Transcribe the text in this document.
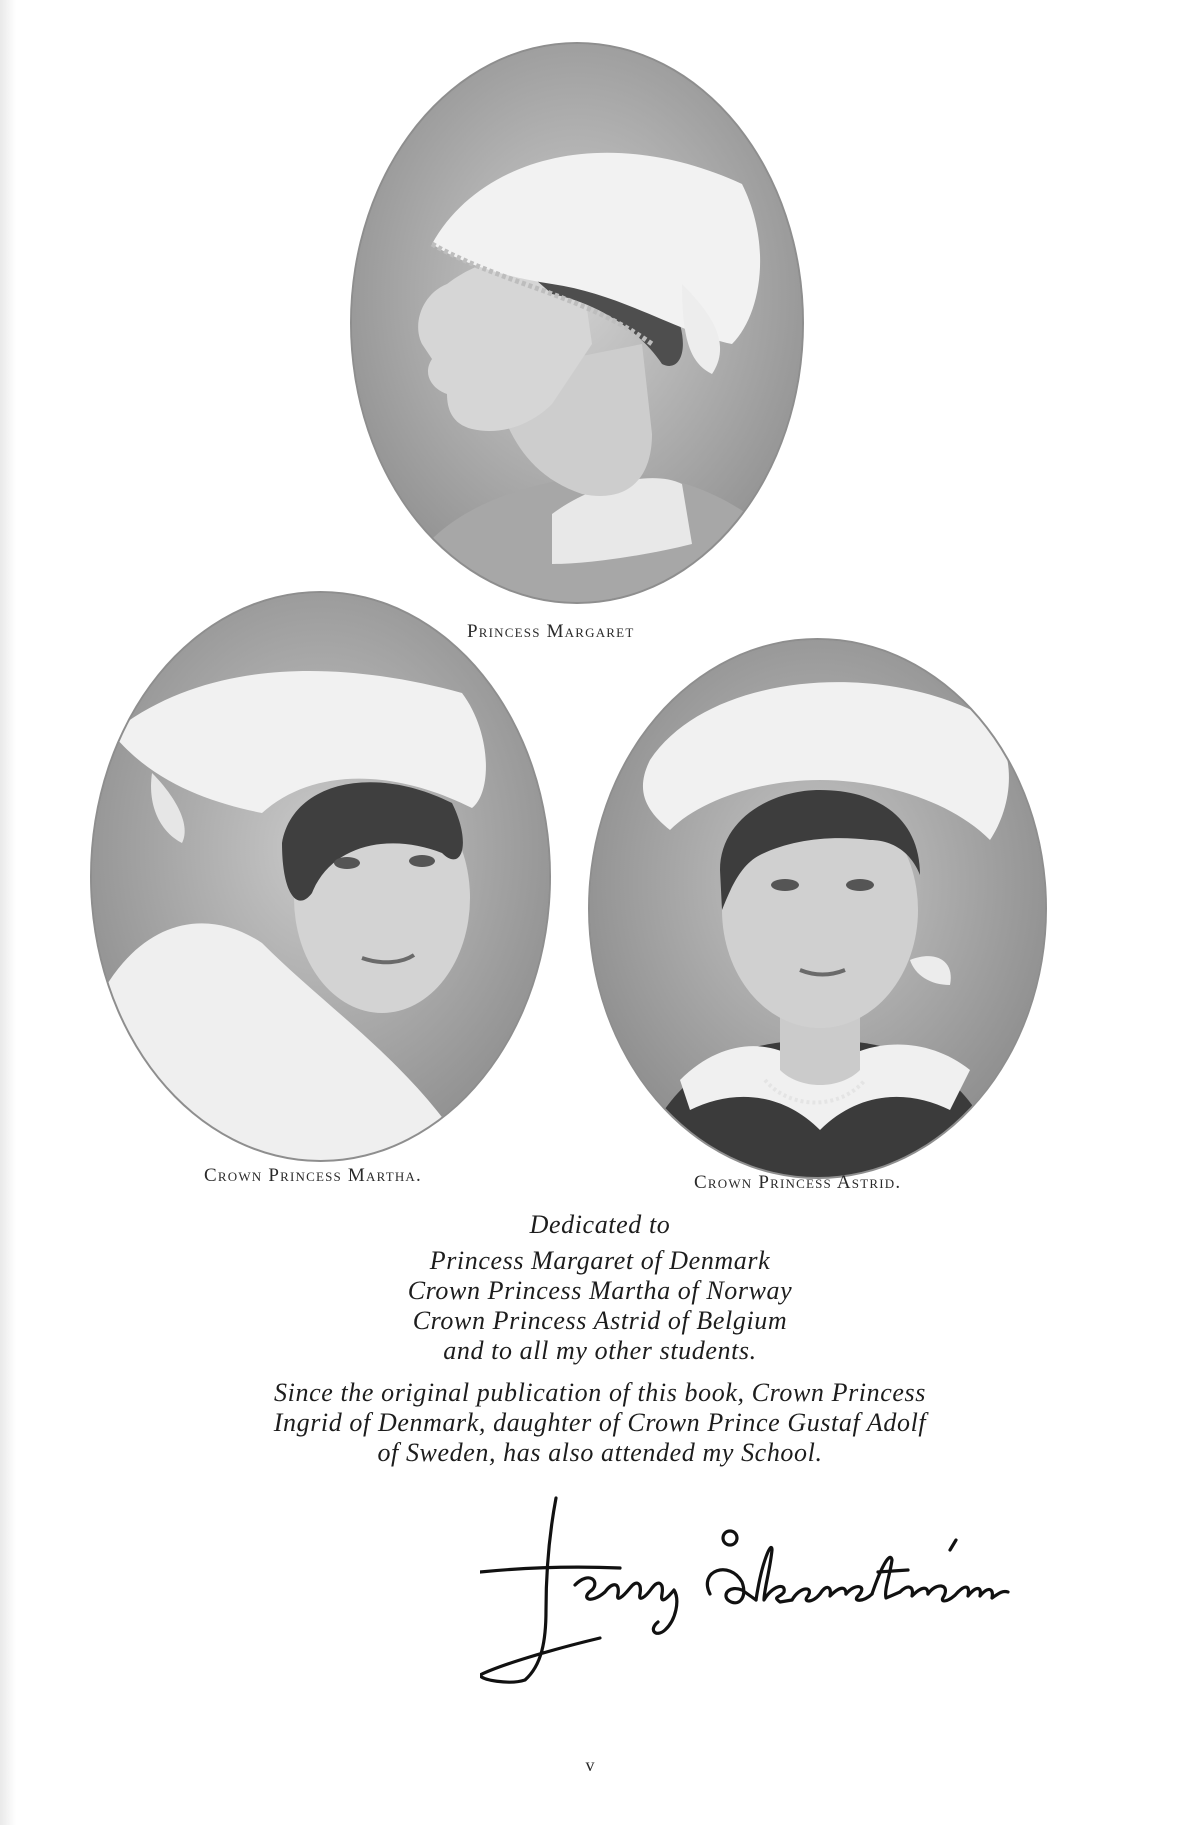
Princess Margaret
Crown Princess Martha.	Crown Princess Astrid.
Dedicated to
Princess Margaret of Denmark
Crown Princess Martha of Norway
Crown Princess Astrid of Belgium
and to all my other students.
Since the original publication of this book, Crown Princess
Ingrid of Denmark, daughter of Crown Prince Gustaf Adolf
of Sweden, has also attended my School.
v
